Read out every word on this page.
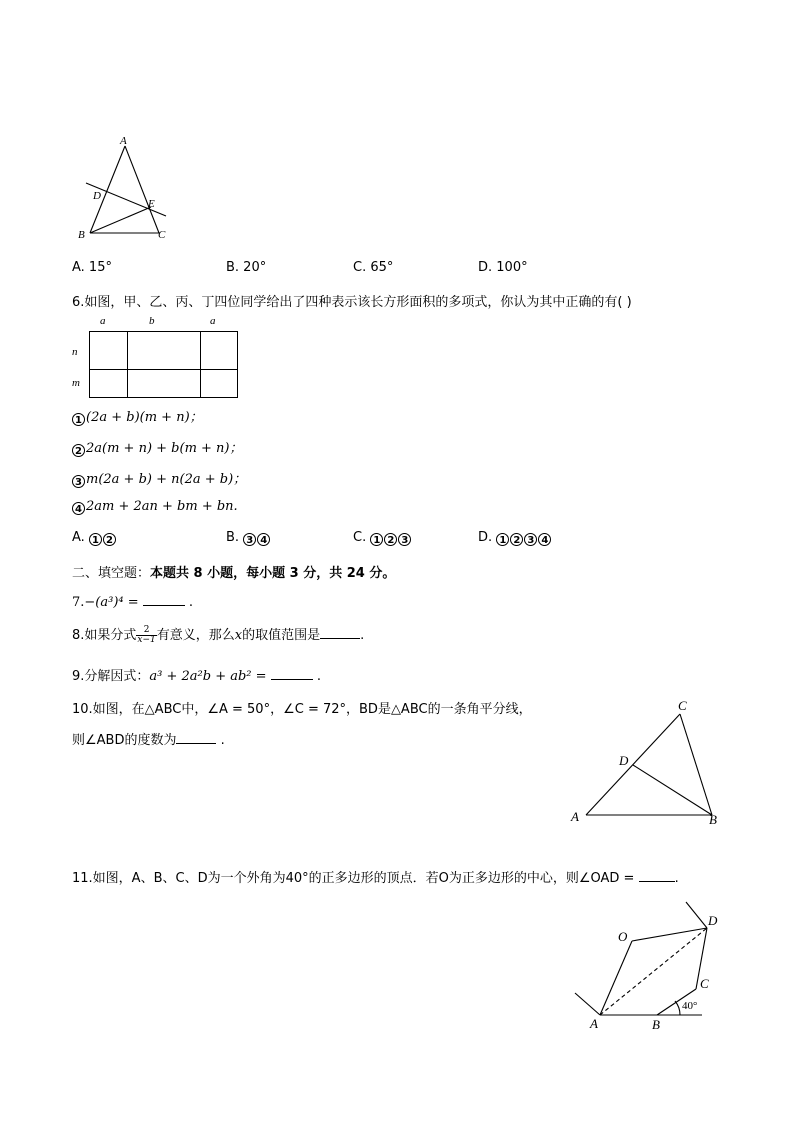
A
D
E
B	C
A. 15°	B. 20°	C. 65°	D. 100°
6.如图，甲、乙、丙、丁四位同学给出了四种表示该长方形面积的多项式，你认为其中正确的有( )
a	b	a
n
m
1 (2a + b)(m + n)；
2 2a(m + n) + b(m + n)；
3 m(2a + b) + n(2a + b)；
4 2am + 2an + bm + bn.
A. 1 2	B. 3 4	C. 1 2 3	D. 1 2 3 4
二、填空题：本题共 8 小题，每小题 3 分，共 24 分。
7.−(a³)⁴ =	.
8.如果分式 $\frac{2}{x-1}$ 有意义，那么x的取值范围是	.
9.分解因式：a³ + 2a²b + ab² =	.
10.如图，在△ABC中，∠A = 50°，∠C = 72°，BD是△ABC的一条角平分线，
则∠ABD的度数为	.
C
D
A	B
11.如图，A、B、C、D为一个外角为40°的正多边形的顶点．若O为正多边形的中心，则∠OAD =	.
O
D
C
A	B
40°
